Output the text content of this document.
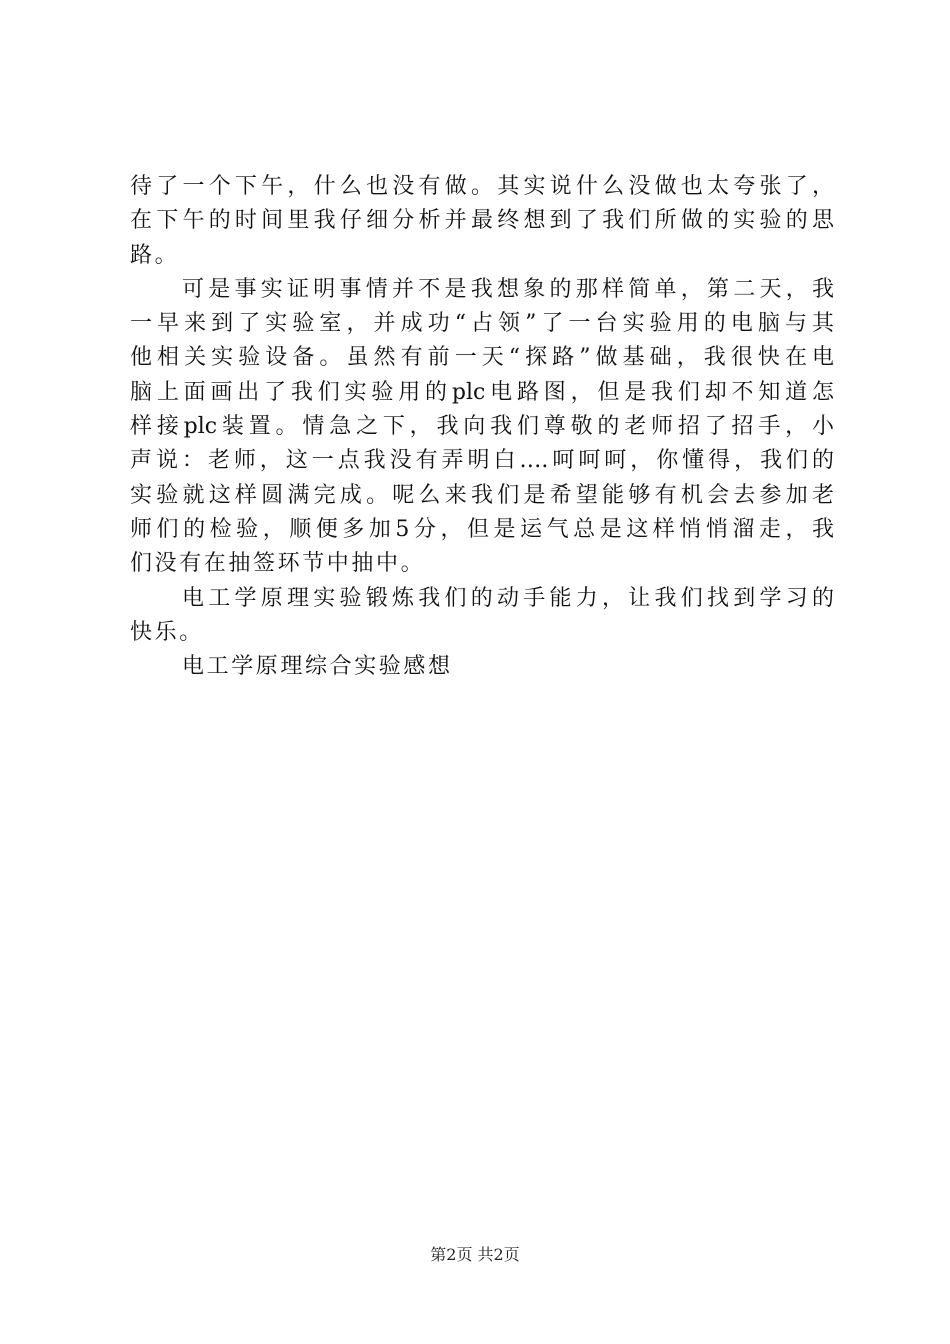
待了一个下午，什么也没有做。其实说什么没做也太夸张了，
在下午的时间里我仔细分析并最终想到了我们所做的实验的思
路。
可是事实证明事情并不是我想象的那样简单，第二天，我
一早来到了实验室，并成功“占领”了一台实验用的电脑与其
他相关实验设备。虽然有前一天“探路”做基础，我很快在电
脑上面画出了我们实验用的plc电路图，但是我们却不知道怎
样接plc装置。情急之下，我向我们尊敬的老师招了招手，小
声说：老师，这一点我没有弄明白….呵呵呵，你懂得，我们的
实验就这样圆满完成。呢么来我们是希望能够有机会去参加老
师们的检验，顺便多加5分，但是运气总是这样悄悄溜走，我
们没有在抽签环节中抽中。
电工学原理实验锻炼我们的动手能力，让我们找到学习的
快乐。
电工学原理综合实验感想
第2页 共2页
